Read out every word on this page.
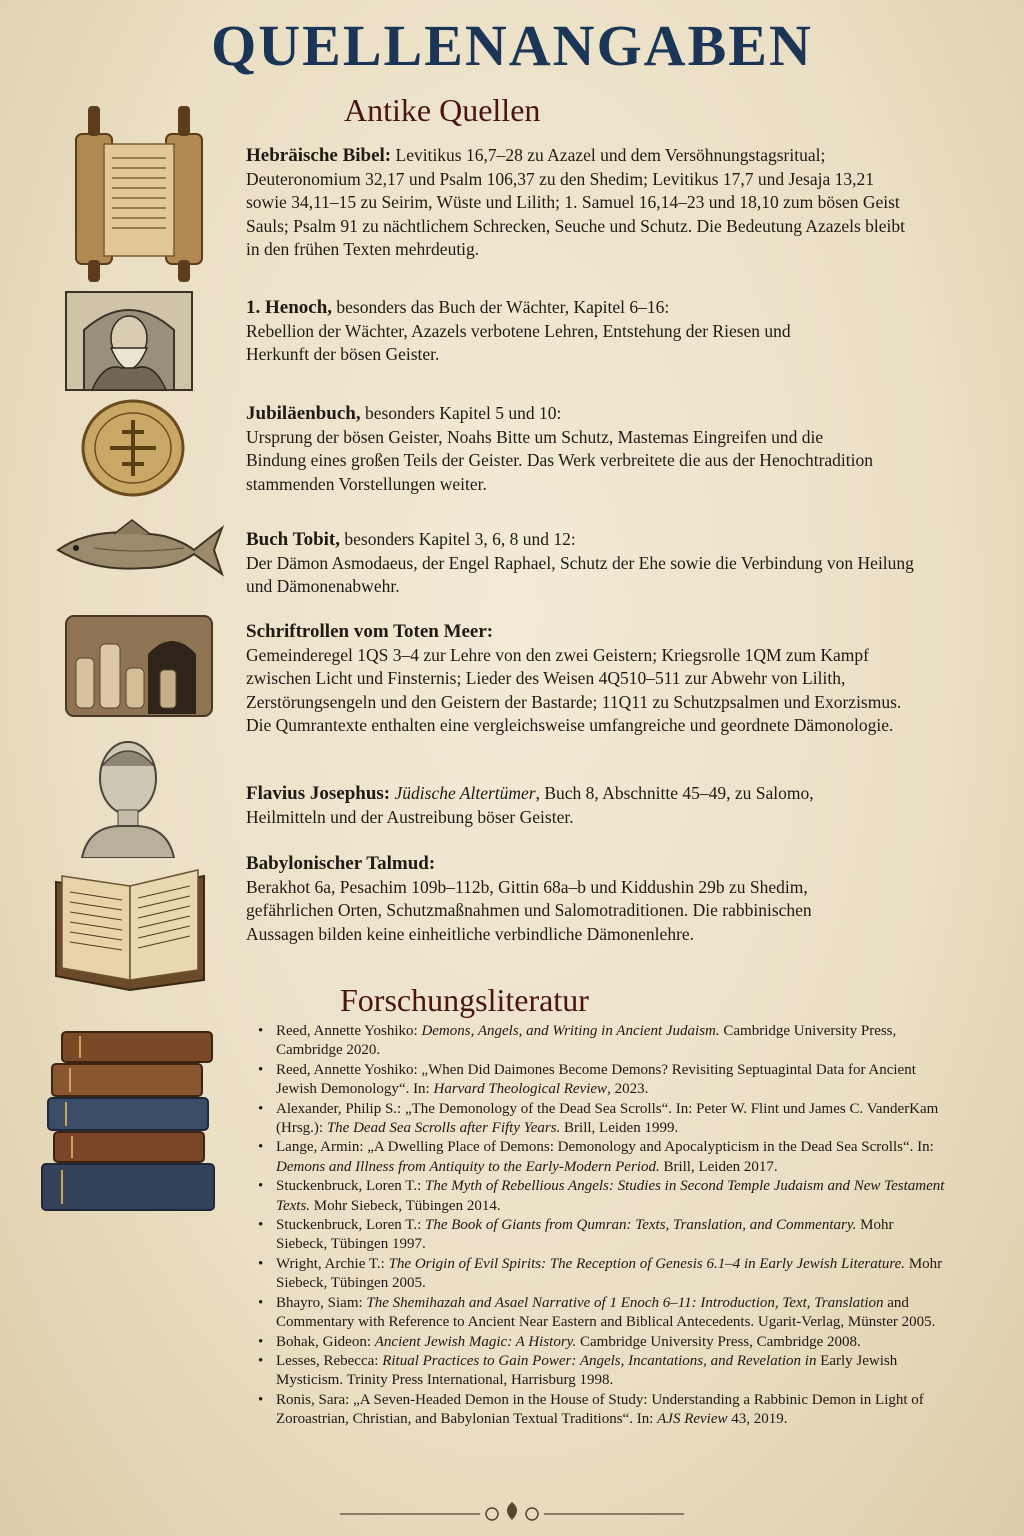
QUELLENANGABEN
Antike Quellen
Hebräische Bibel: Levitikus 16,7–28 zu Azazel und dem Versöhnungstagsritual; Deuteronomium 32,17 und Psalm 106,37 zu den Shedim; Levitikus 17,7 und Jesaja 13,21 sowie 34,11–15 zu Seirim, Wüste und Lilith; 1. Samuel 16,14–23 und 18,10 zum bösen Geist Sauls; Psalm 91 zu nächtlichem Schrecken, Seuche und Schutz. Die Bedeutung Azazels bleibt in den frühen Texten mehrdeutig.
1. Henoch, besonders das Buch der Wächter, Kapitel 6–16:
Rebellion der Wächter, Azazels verbotene Lehren, Entstehung der Riesen und Herkunft der bösen Geister.
Jubiläenbuch, besonders Kapitel 5 und 10:
Ursprung der bösen Geister, Noahs Bitte um Schutz, Mastemas Eingreifen und die Bindung eines großen Teils der Geister. Das Werk verbreitete die aus der Henochtradition stammenden Vorstellungen weiter.
Buch Tobit, besonders Kapitel 3, 6, 8 und 12:
Der Dämon Asmodaeus, der Engel Raphael, Schutz der Ehe sowie die Verbindung von Heilung und Dämonenabwehr.
Schriftrollen vom Toten Meer:
Gemeinderegel 1QS 3–4 zur Lehre von den zwei Geistern; Kriegsrolle 1QM zum Kampf zwischen Licht und Finsternis; Lieder des Weisen 4Q510–511 zur Abwehr von Lilith, Zerstörungsengeln und den Geistern der Bastarde; 11Q11 zu Schutzpsalmen und Exorzismus. Die Qumrantexte enthalten eine vergleichsweise umfangreiche und geordnete Dämonologie.
Flavius Josephus: Jüdische Altertümer, Buch 8, Abschnitte 45–49, zu Salomo, Heilmitteln und der Austreibung böser Geister.
Babylonischer Talmud:
Berakhot 6a, Pesachim 109b–112b, Gittin 68a–b und Kiddushin 29b zu Shedim, gefährlichen Orten, Schutzmaßnahmen und Salomotraditionen. Die rabbinischen Aussagen bilden keine einheitliche verbindliche Dämonenlehre.
Forschungsliteratur
• Reed, Annette Yoshiko: Demons, Angels, and Writing in Ancient Judaism. Cambridge University Press, Cambridge 2020.
• Reed, Annette Yoshiko: „When Did Daimones Become Demons? Revisiting Septuagintal Data for Ancient Jewish Demonology“. In: Harvard Theological Review, 2023.
• Alexander, Philip S.: „The Demonology of the Dead Sea Scrolls“. In: Peter W. Flint und James C. VanderKam (Hrsg.): The Dead Sea Scrolls after Fifty Years. Brill, Leiden 1999.
• Lange, Armin: „A Dwelling Place of Demons: Demonology and Apocalypticism in the Dead Sea Scrolls“. In: Demons and Illness from Antiquity to the Early-Modern Period. Brill, Leiden 2017.
• Stuckenbruck, Loren T.: The Myth of Rebellious Angels: Studies in Second Temple Judaism and New Testament Texts. Mohr Siebeck, Tübingen 2014.
• Stuckenbruck, Loren T.: The Book of Giants from Qumran: Texts, Translation, and Commentary. Mohr Siebeck, Tübingen 1997.
• Wright, Archie T.: The Origin of Evil Spirits: The Reception of Genesis 6.1–4 in Early Jewish Literature. Mohr Siebeck, Tübingen 2005.
• Bhayro, Siam: The Shemihazah and Asael Narrative of 1 Enoch 6–11: Introduction, Text, Translation and Commentary with Reference to Ancient Near Eastern and Biblical Antecedents. Ugarit-Verlag, Münster 2005.
• Bohak, Gideon: Ancient Jewish Magic: A History. Cambridge University Press, Cambridge 2008.
• Lesses, Rebecca: Ritual Practices to Gain Power: Angels, Incantations, and Revelation in Early Jewish Mysticism. Trinity Press International, Harrisburg 1998.
• Ronis, Sara: „A Seven-Headed Demon in the House of Study: Understanding a Rabbinic Demon in Light of Zoroastrian, Christian, and Babylonian Textual Traditions“. In: AJS Review 43, 2019.
